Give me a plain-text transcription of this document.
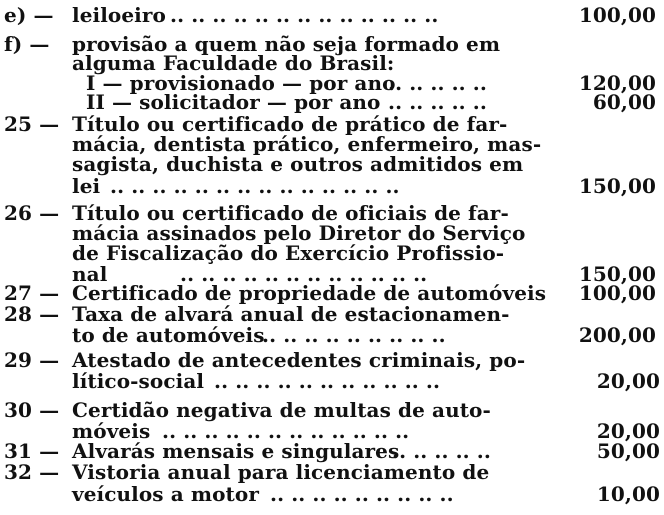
e) — leiloeiro .. .. .. .. .. .. .. .. .. .. .. .. ..	100,00
f) — provisão a quem não seja formado em
alguma Faculdade do Brasil:
I — provisionado — por ano
.. .. .. .. ..	120,00
II — solicitador — por ano .. .. .. .. ..	60,00
25 — Título ou certificado de prático de far-
mácia, dentista prático, enfermeiro, mas-
sagista, duchista e outros admitidos em
lei .. .. .. .. .. .. .. .. .. .. .. .. .. ..	150,00
26 — Título ou certificado de oficiais de far-
mácia assinados pelo Diretor do Serviço
de Fiscalização do Exercício Profissio-
nal	.. .. .. .. .. .. .. .. .. .. .. ..	150,00
27 — Certificado de propriedade de automóveis 100,00
28 — Taxa de alvará anual de estacionamen-
to de automóveis
.. .. .. .. .. .. .. .. ..	200,00
29 — Atestado de antecedentes criminais, po-
lítico-social .. .. .. .. .. .. .. .. .. .. ..	20,00
30 — Certidão negativa de multas de auto-
móveis .. .. .. .. .. .. .. .. .. .. .. ..	20,00
31 — Alvarás mensais e singulares
.. .. .. .. ..	50,00
32 — Vistoria anual para licenciamento de
veículos a motor .. .. .. .. .. .. .. .. ..	10,00
